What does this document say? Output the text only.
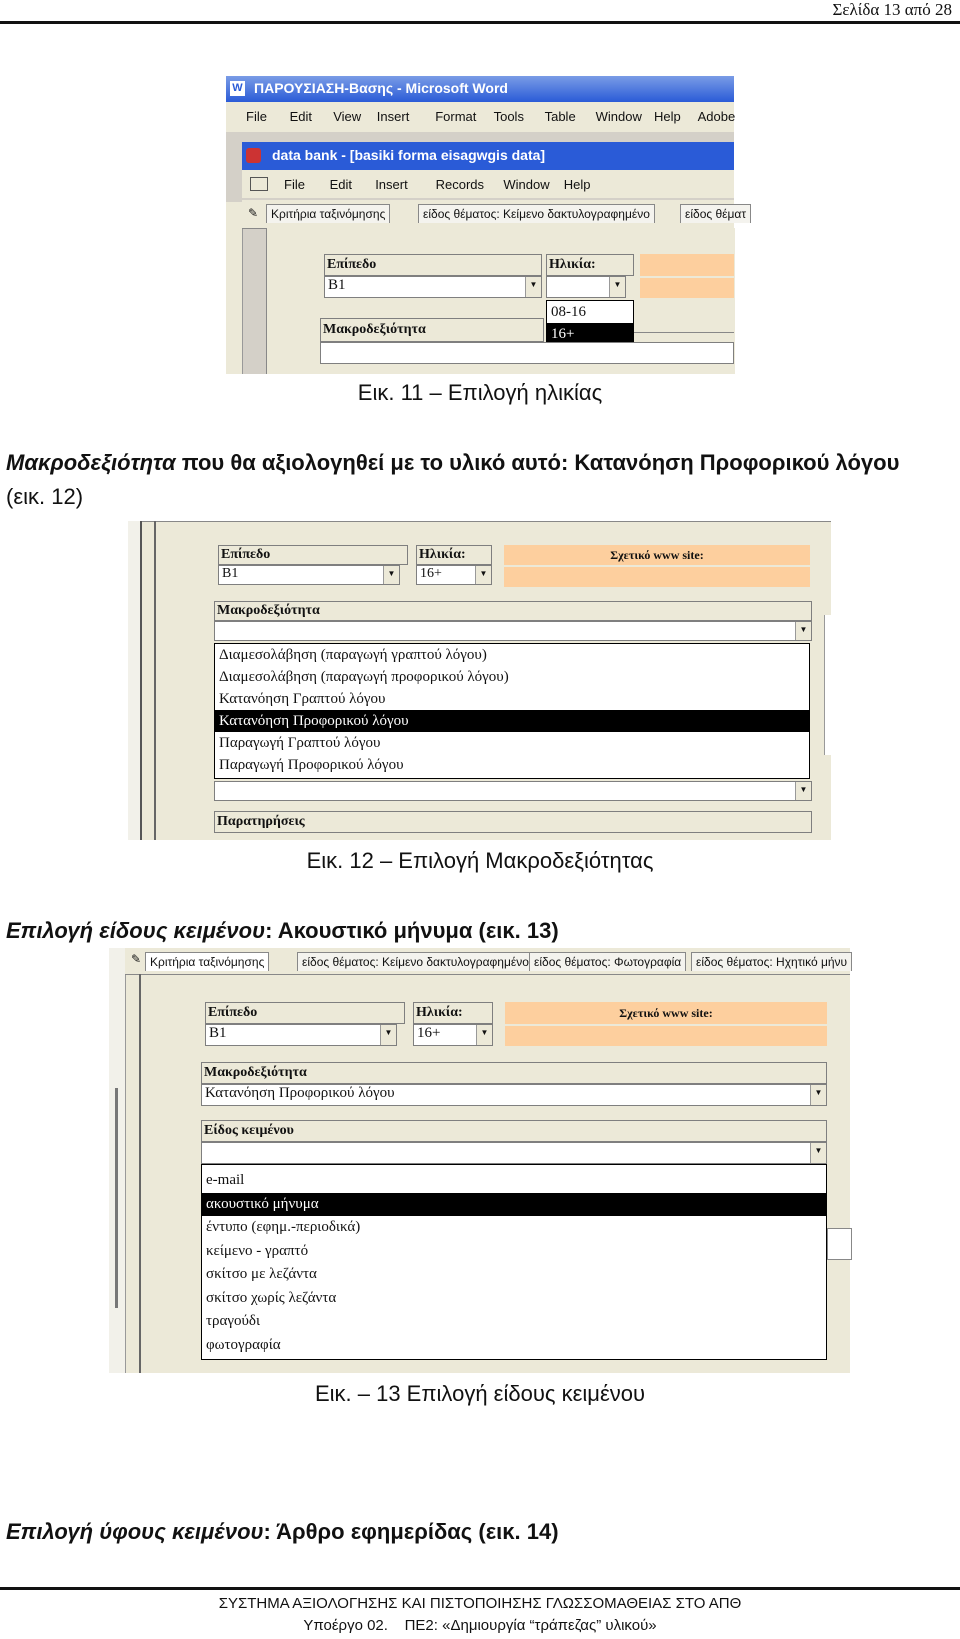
Σελίδα 13 από 28
W ΠΑΡΟΥΣΙΑΣΗ-Βασης - Microsoft Word
File Edit View Insert Format Tools Table Window Help Adobe
data bank - [basiki forma eisagwgis data]
File Edit Insert Records Window Help
✎	Κριτήρια ταξινόμησης	είδος θέματος: Κείμενο δακτυλογραφημένο	είδος θέματ
Επίπεδο
B1	▼
Ηλικία:
▼
08-16
16+
Μακροδεξιότητα
Εικ. 11 – Επιλογή ηλικίας
Μακροδεξιότητα που θα αξιολογηθεί με το υλικό αυτό: Κατανόηση Προφορικού λόγου
(εικ. 12)
Επίπεδο
B1	▼
Ηλικία:
16+	▼
Σχετικό www site:
Μακροδεξιότητα
▼
Διαμεσολάβηση (παραγωγή γραπτού λόγου)
Διαμεσολάβηση (παραγωγή προφορικού λόγου)
Κατανόηση Γραπτού λόγου
Κατανόηση Προφορικού λόγου
Παραγωγή Γραπτού λόγου
Παραγωγή Προφορικού λόγου
▼
Παρατηρήσεις
Εικ. 12 – Επιλογή Μακροδεξιότητας
Επιλογή είδους κειμένου: Ακουστικό μήνυμα (εικ. 13)
✎ Κριτήρια ταξινόμησης	είδος θέματος: Κείμενο δακτυλογραφημένο είδος θέματος: Φωτογραφία	είδος θέματος: Ηχητικό μήνυ
Επίπεδο
B1	▼
Ηλικία:
16+	▼
Σχετικό www site:
Μακροδεξιότητα
Κατανόηση Προφορικού λόγου	▼
Είδος κειμένου
▼
e-mail
ακουστικό μήνυμα
έντυπο (εφημ.-περιοδικά)
κείμενο - γραπτό
σκίτσο με λεζάντα
σκίτσο χωρίς λεζάντα
τραγούδι
φωτογραφία
Εικ. – 13 Επιλογή είδους κειμένου
Επιλογή ύφους κειμένου: Άρθρο εφημερίδας (εικ. 14)
ΣΥΣΤΗΜΑ ΑΞΙΟΛΟΓΗΣΗΣ ΚΑΙ ΠΙΣΤΟΠΟΙΗΣΗΣ ΓΛΩΣΣΟΜΑΘΕΙΑΣ ΣΤΟ ΑΠΘ
Υποέργο 02.    ΠΕ2: «Δημιουργία “τράπεζας” υλικού»
